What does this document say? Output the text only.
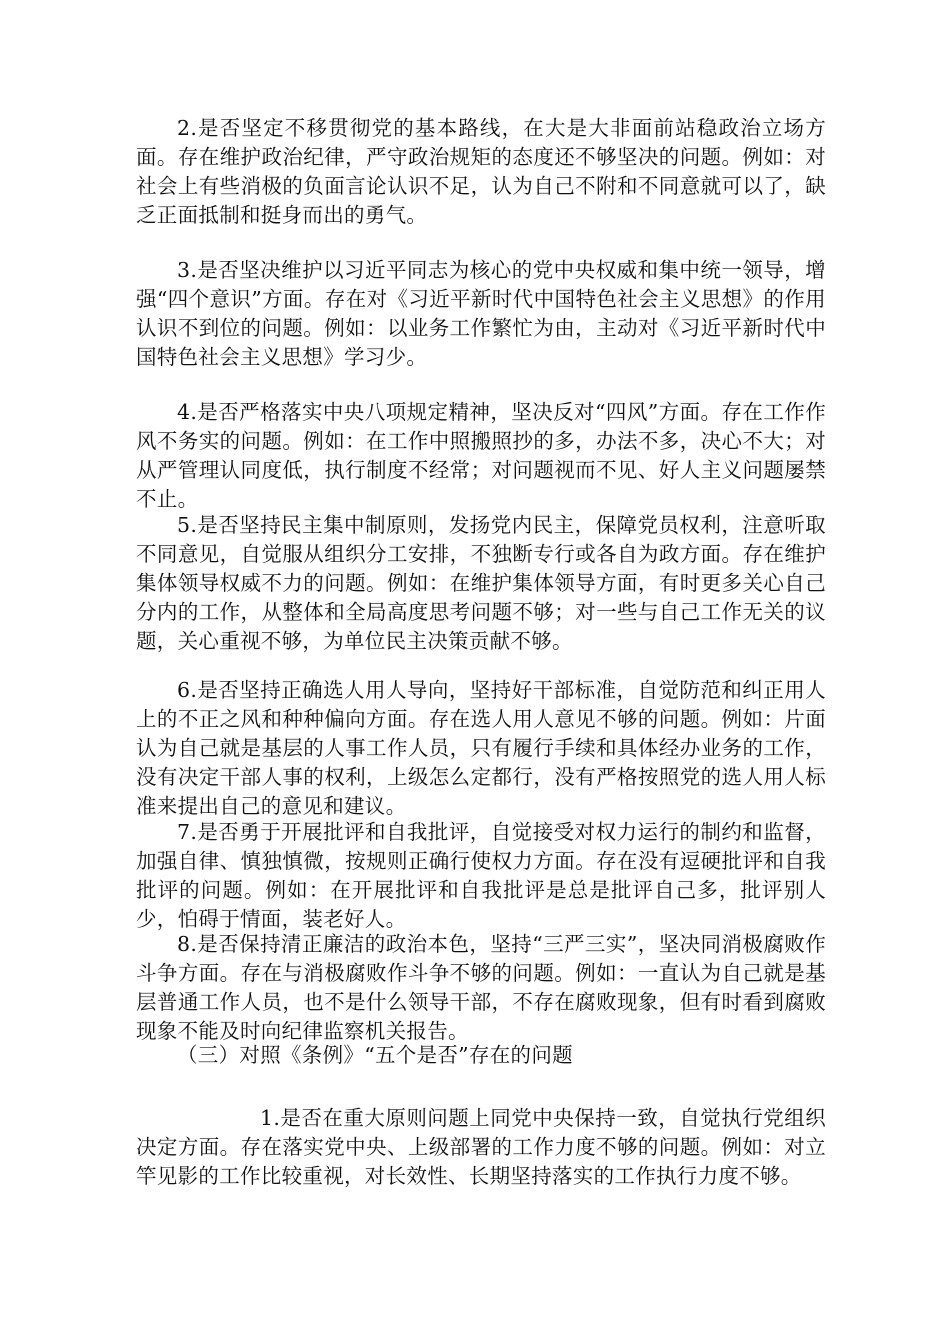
2.是否坚定不移贯彻党的基本路线，在大是大非面前站稳政治立场方面。存在维护政治纪律，严守政治规矩的态度还不够坚决的问题。例如：对社会上有些消极的负面言论认识不足，认为自己不附和不同意就可以了，缺乏正面抵制和挺身而出的勇气。

3.是否坚决维护以习近平同志为核心的党中央权威和集中统一领导，增强“四个意识”方面。存在对《习近平新时代中国特色社会主义思想》的作用认识不到位的问题。例如：以业务工作繁忙为由，主动对《习近平新时代中国特色社会主义思想》学习少。

4.是否严格落实中央八项规定精神，坚决反对“四风”方面。存在工作作风不务实的问题。例如：在工作中照搬照抄的多，办法不多，决心不大；对从严管理认同度低，执行制度不经常；对问题视而不见、好人主义问题屡禁不止。

5.是否坚持民主集中制原则，发扬党内民主，保障党员权利，注意听取不同意见，自觉服从组织分工安排，不独断专行或各自为政方面。存在维护集体领导权威不力的问题。例如：在维护集体领导方面，有时更多关心自己分内的工作，从整体和全局高度思考问题不够；对一些与自己工作无关的议题，关心重视不够，为单位民主决策贡献不够。

6.是否坚持正确选人用人导向，坚持好干部标准，自觉防范和纠正用人上的不正之风和种种偏向方面。存在选人用人意见不够的问题。例如：片面认为自己就是基层的人事工作人员，只有履行手续和具体经办业务的工作，没有决定干部人事的权利，上级怎么定都行，没有严格按照党的选人用人标准来提出自己的意见和建议。

7.是否勇于开展批评和自我批评，自觉接受对权力运行的制约和监督，加强自律、慎独慎微，按规则正确行使权力方面。存在没有逗硬批评和自我批评的问题。例如：在开展批评和自我批评是总是批评自己多，批评别人少，怕碍于情面，装老好人。

8.是否保持清正廉洁的政治本色，坚持“三严三实”，坚决同消极腐败作斗争方面。存在与消极腐败作斗争不够的问题。例如：一直认为自己就是基层普通工作人员，也不是什么领导干部，不存在腐败现象，但有时看到腐败现象不能及时向纪律监察机关报告。

（三）对照《条例》“五个是否”存在的问题

1.是否在重大原则问题上同党中央保持一致，自觉执行党组织决定方面。存在落实党中央、上级部署的工作力度不够的问题。例如：对立竿见影的工作比较重视，对长效性、长期坚持落实的工作执行力度不够。
